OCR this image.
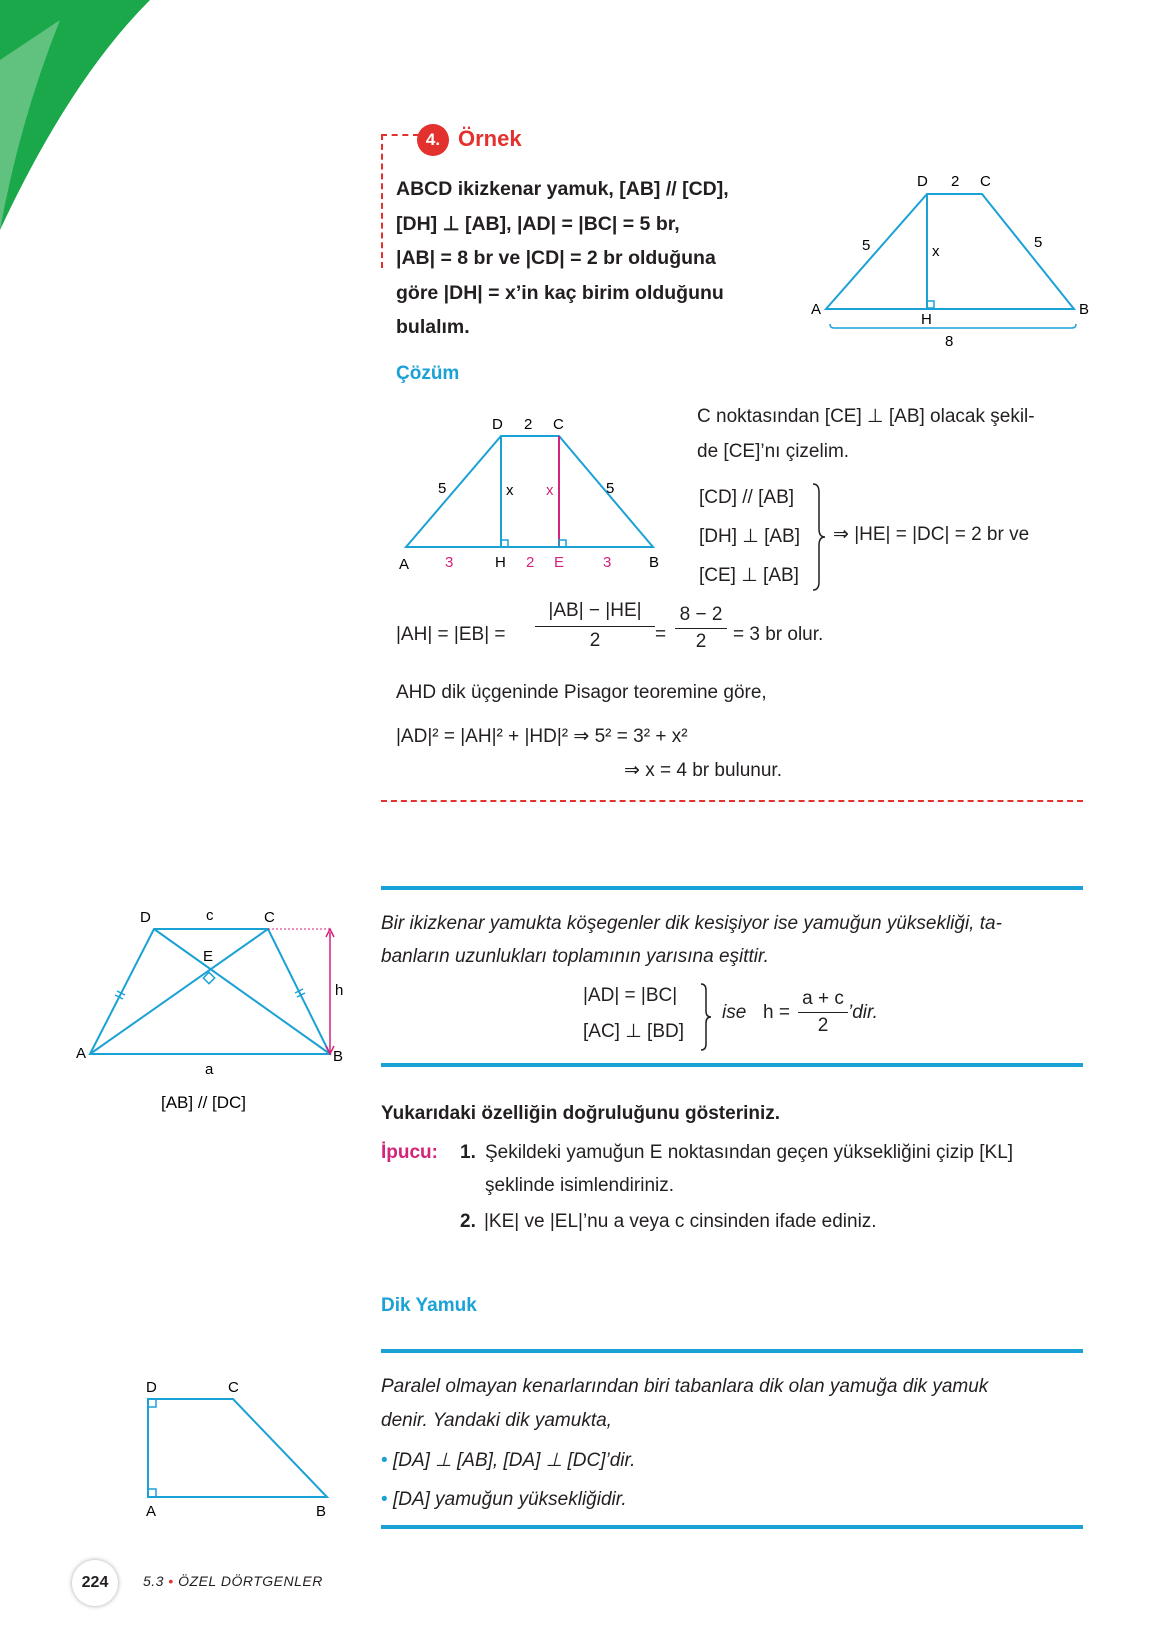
4. Örnek
ABCD ikizkenar yamuk, [AB] // [CD],
[DH] ⊥ [AB], |AD| = |BC| = 5 br,
|AB| = 8 br ve |CD| = 2 br olduğuna
göre |DH| = x’in kaç birim olduğunu
bulalım.
D 2 C
5	5
x
A	B
H
8
Çözüm
D 2 C
5	x x	5
A 3	H 2 E	3	B
C noktasından [CE] ⊥ [AB] olacak şekil-
de [CE]’nı çizelim.
[CD] // [AB]
[DH] ⊥ [AB]
[CE] ⊥ [AB]
⇒ |HE| = |DC| = 2 br ve
|AH| = |EB| =
|AB| − |HE|
2	=
8 − 2
2	= 3 br olur.
AHD dik üçgeninde Pisagor teoremine göre,
|AD|² = |AH|² + |HD|² ⇒ 5² = 3² + x²
⇒ x = 4 br bulunur.
D	c	C
E
h
A	B
a
[AB] // [DC]
Bir ikizkenar yamukta köşegenler dik kesişiyor ise yamuğun yüksekliği, ta-
banların uzunlukları toplamının yarısına eşittir.
|AD| = |BC|
[AC] ⊥ [BD]
ise h =
a + c
2
’dir.
Yukarıdaki özelliğin doğruluğunu gösteriniz.
İpucu: 1. Şekildeki yamuğun E noktasından geçen yüksekliğini çizip [KL]
şeklinde isimlendiriniz.
2. |KE| ve |EL|’nu a veya c cinsinden ifade ediniz.
Dik Yamuk
D	C
A	B
Paralel olmayan kenarlarından biri tabanlara dik olan yamuğa dik yamuk
denir. Yandaki dik yamukta,
• [DA] ⊥ [AB], [DA] ⊥ [DC]’dir.
• [DA] yamuğun yüksekliğidir.
224	5.3 • ÖZEL DÖRTGENLER
